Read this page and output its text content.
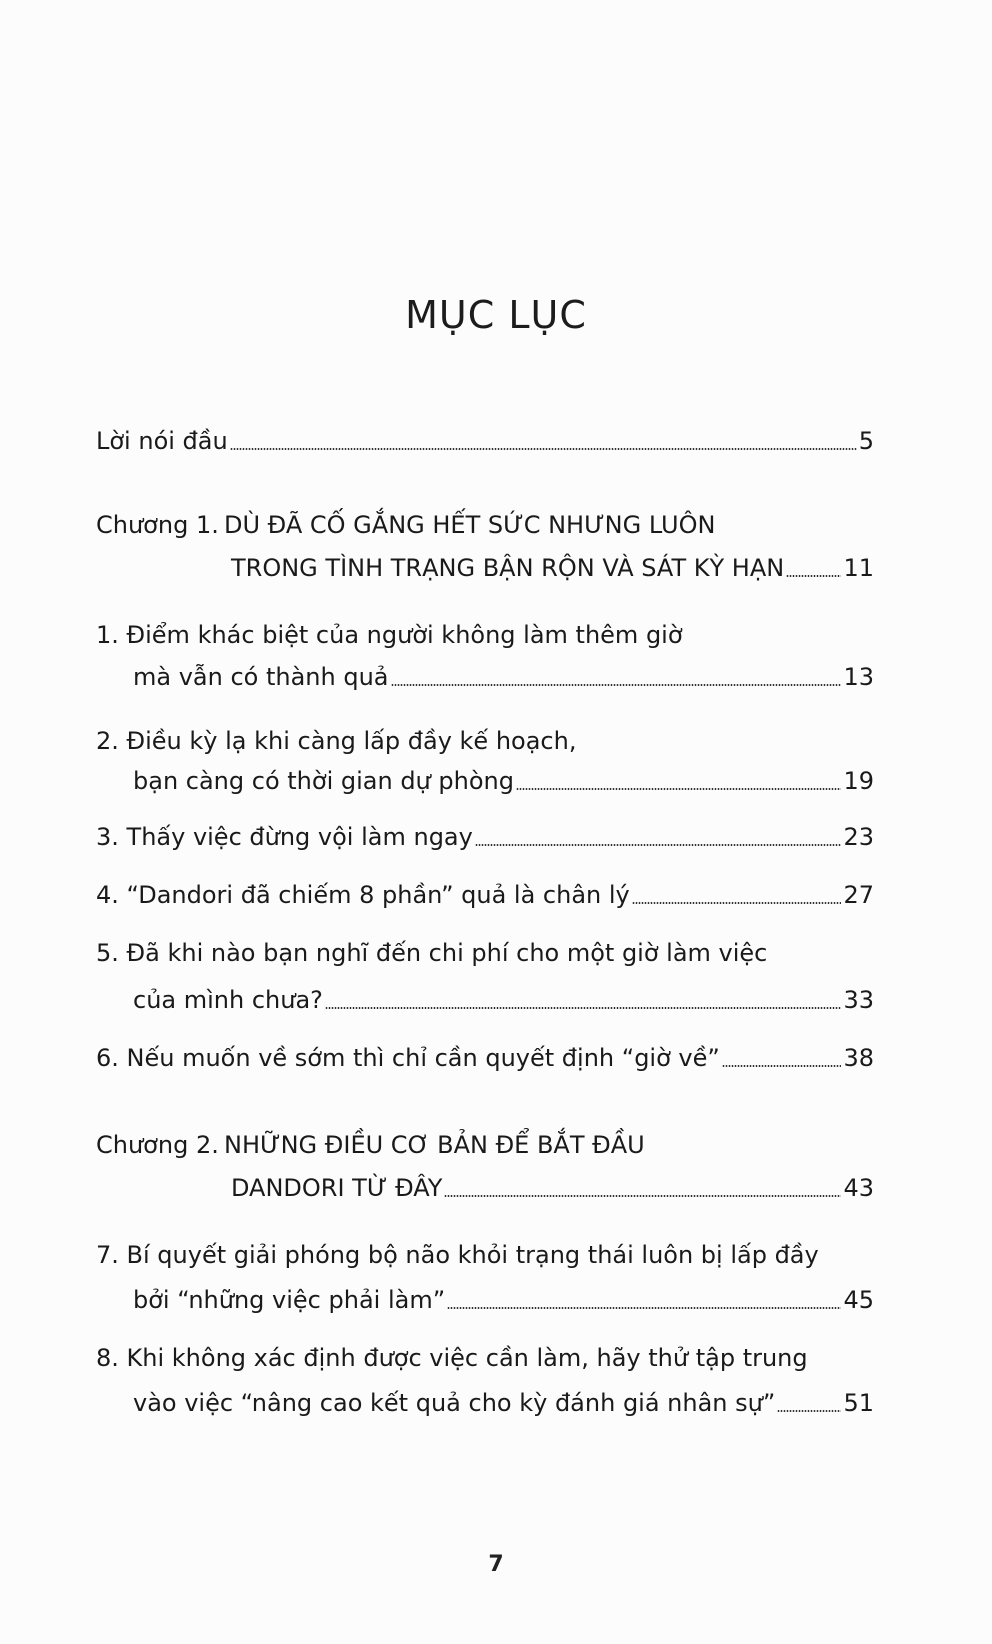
MỤC LỤC
Lời nói đầu	5
Chương 1. DÙ ĐÃ CỐ GẮNG HẾT SỨC NHƯNG LUÔN
TRONG TÌNH TRẠNG BẬN RỘN VÀ SÁT KỲ HẠN 11
1. Điểm khác biệt của người không làm thêm giờ
mà vẫn có thành quả	13
2. Điều kỳ lạ khi càng lấp đầy kế hoạch,
bạn càng có thời gian dự phòng	19
3. Thấy việc đừng vội làm ngay	23
4. “Dandori đã chiếm 8 phần” quả là chân lý	27
5. Đã khi nào bạn nghĩ đến chi phí cho một giờ làm việc
của mình chưa?	33
6. Nếu muốn về sớm thì chỉ cần quyết định “giờ về”	38
Chương 2. NHỮNG ĐIỀU CƠ BẢN ĐỂ BẮT ĐẦU
DANDORI TỪ ĐÂY	43
7. Bí quyết giải phóng bộ não khỏi trạng thái luôn bị lấp đầy
bởi “những việc phải làm”	45
8. Khi không xác định được việc cần làm, hãy thử tập trung
vào việc “nâng cao kết quả cho kỳ đánh giá nhân sự”	51
7
